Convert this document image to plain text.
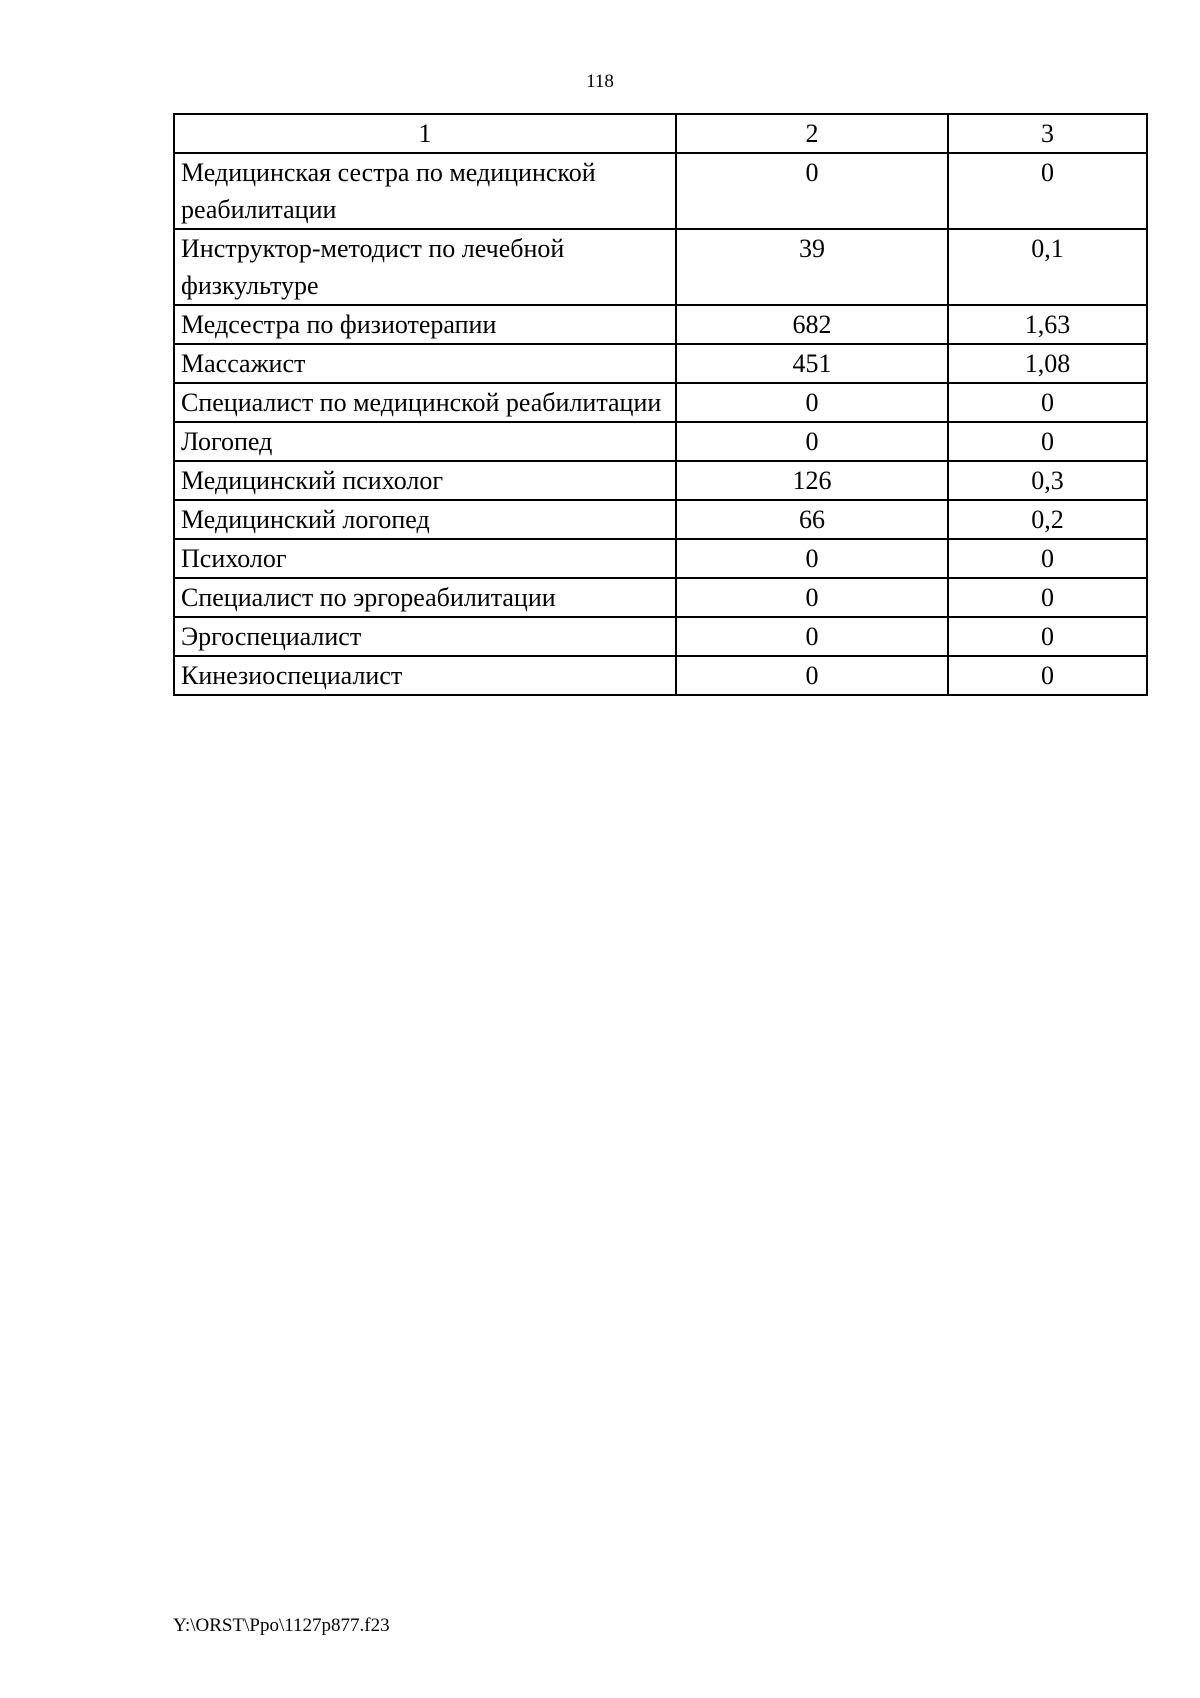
118
1	2	3
Медицинская сестра по медицинской реабилитации	0	0
Инструктор-методист по лечебной физкультуре	39	0,1
Медсестра по физиотерапии	682	1,63
Массажист	451	1,08
Специалист по медицинской реабилитации	0	0
Логопед	0	0
Медицинский психолог	126	0,3
Медицинский логопед	66	0,2
Психолог	0	0
Специалист по эргореабилитации	0	0
Эргоспециалист	0	0
Кинезиоспециалист	0	0
Y:\ORST\Ppo\1127p877.f23
